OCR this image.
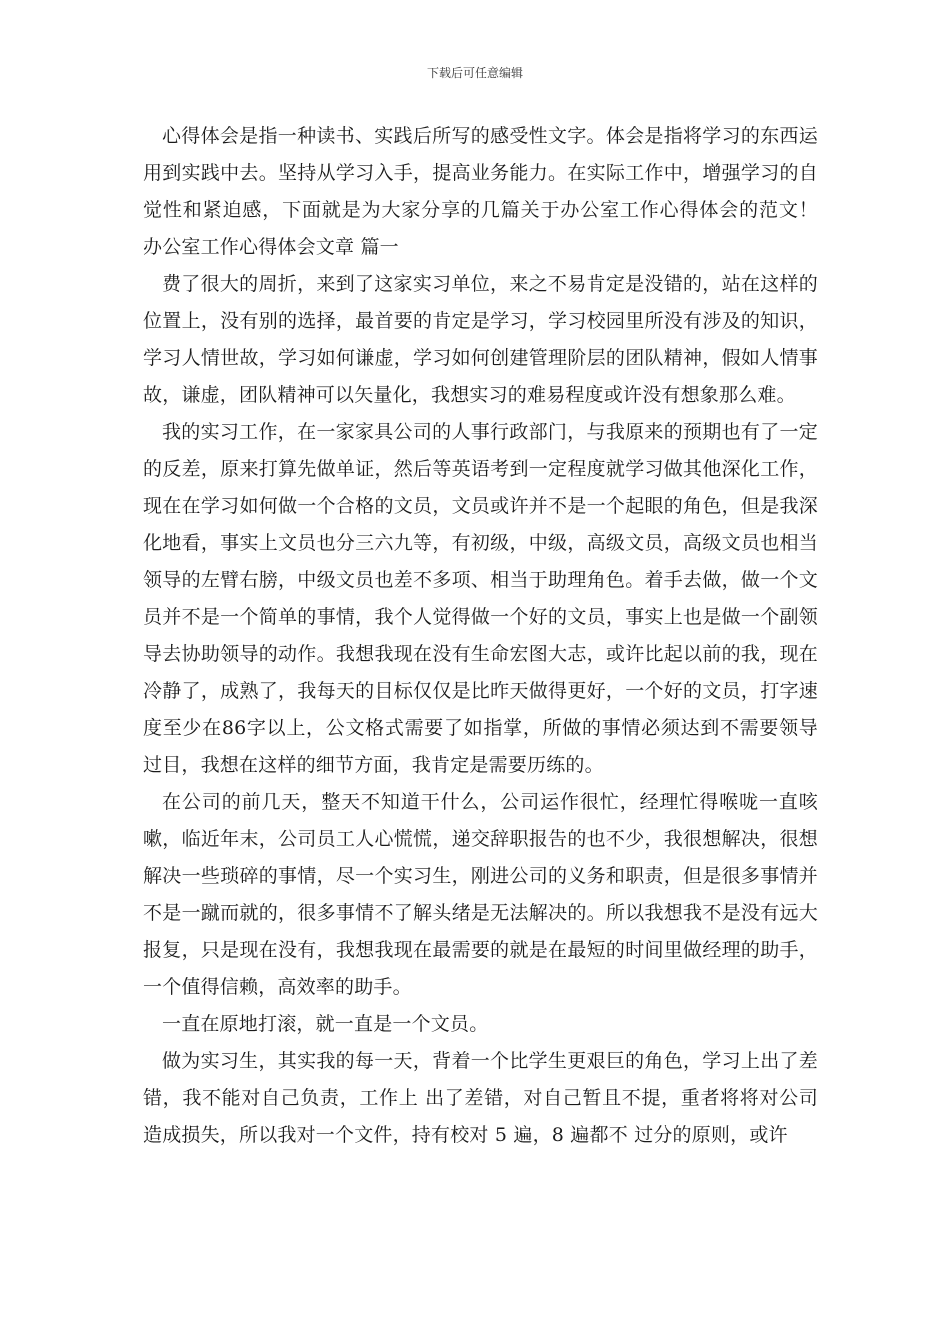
下载后可任意编辑

心得体会是指一种读书、实践后所写的感受性文字。体会是指将学习的东西运用到实践中去。坚持从学习入手，提高业务能力。在实际工作中，增强学习的自觉性和紧迫感，下面就是为大家分享的几篇关于办公室工作心得体会的范文！ 办公室工作心得体会文章 篇一

费了很大的周折，来到了这家实习单位，来之不易肯定是没错的，站在这样的位置上，没有别的选择，最首要的肯定是学习，学习校园里所没有涉及的知识，学习人情世故，学习如何谦虚，学习如何创建管理阶层的团队精神，假如人情事故，谦虚，团队精神可以矢量化，我想实习的难易程度或许没有想象那么难。

我的实习工作，在一家家具公司的人事行政部门，与我原来的预期也有了一定的反差，原来打算先做单证，然后等英语考到一定程度就学习做其他深化工作，现在在学习如何做一个合格的文员，文员或许并不是一个起眼的角色，但是我深化地看，事实上文员也分三六九等，有初级，中级，高级文员，高级文员也相当领导的左臂右膀，中级文员也差不多项、相当于助理角色。着手去做，做一个文员并不是一个简单的事情，我个人觉得做一个好的文员，事实上也是做一个副领导去协助领导的动作。我想我现在没有生命宏图大志，或许比起以前的我，现在冷静了，成熟了，我每天的目标仅仅是比昨天做得更好，一个好的文员，打字速度至少在86字以上，公文格式需要了如指掌，所做的事情必须达到不需要领导过目，我想在这样的细节方面，我肯定是需要历练的。

在公司的前几天，整天不知道干什么，公司运作很忙，经理忙得喉咙一直咳嗽，临近年末，公司员工人心慌慌，递交辞职报告的也不少，我很想解决，很想解决一些琐碎的事情，尽一个实习生，刚进公司的义务和职责，但是很多事情并不是一蹴而就的，很多事情不了解头绪是无法解决的。所以我想我不是没有远大报复，只是现在没有，我想我现在最需要的就是在最短的时间里做经理的助手，一个值得信赖，高效率的助手。

一直在原地打滚，就一直是一个文员。

做为实习生，其实我的每一天，背着一个比学生更艰巨的角色，学习上出了差错，我不能对自己负责，工作上 出了差错，对自己暂且不提，重者将将对公司造成损失，所以我对一个文件，持有校对 5 遍，8 遍都不 过分的原则，或许
